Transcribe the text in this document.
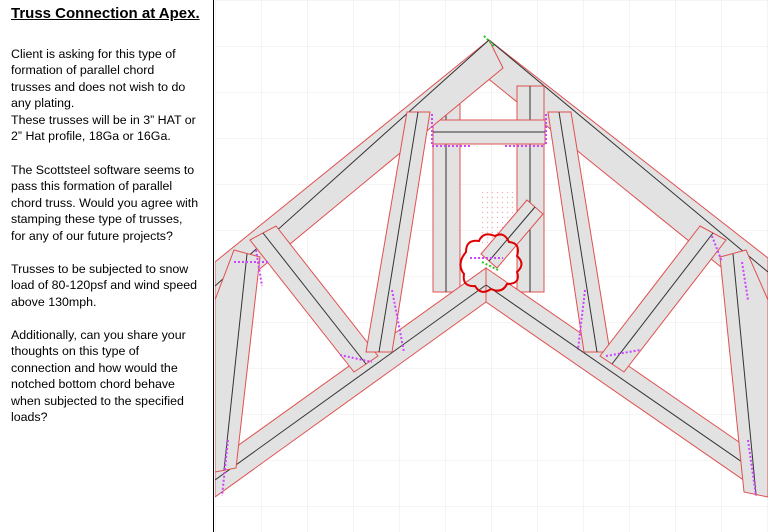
Truss Connection at Apex.
Client is asking for this type of
formation of parallel chord
trusses and does not wish to do
any plating.
These trusses will be in 3” HAT or
2” Hat profile, 18Ga or 16Ga.
The Scottsteel software seems to
pass this formation of parallel
chord truss. Would you agree with
stamping these type of trusses,
for any of our future projects?
Trusses to be subjected to snow
load of 80-120psf and wind speed
above 130mph.
Additionally, can you share your
thoughts on this type of
connection and how would the
notched bottom chord behave
when subjected to the specified
loads?
